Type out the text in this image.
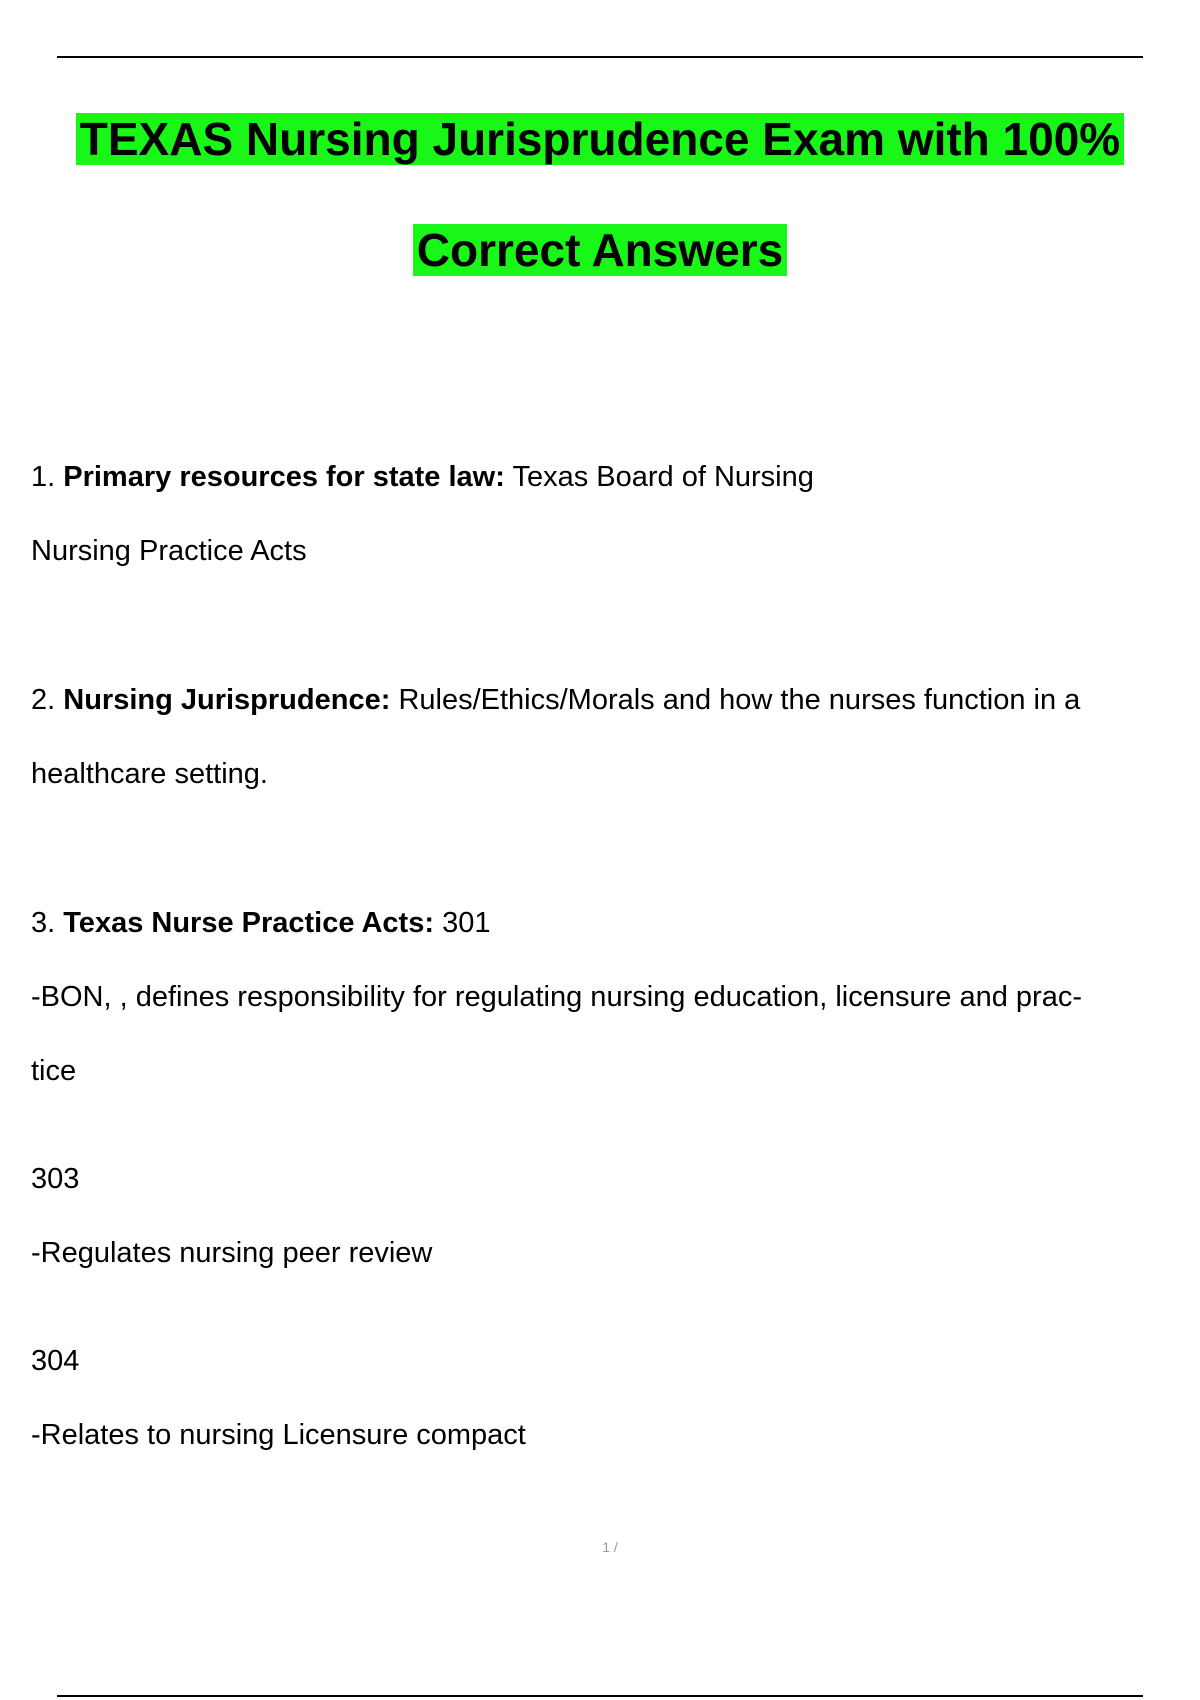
TEXAS Nursing Jurisprudence Exam with 100%
Correct Answers

1. Primary resources for state law: Texas Board of Nursing

Nursing Practice Acts

2. Nursing Jurisprudence: Rules/Ethics/Morals and how the nurses function in a

healthcare setting.

3. Texas Nurse Practice Acts: 301

-BON, , defines responsibility for regulating nursing education, licensure and prac-

tice

303

-Regulates nursing peer review

304

-Relates to nursing Licensure compact

1 /
